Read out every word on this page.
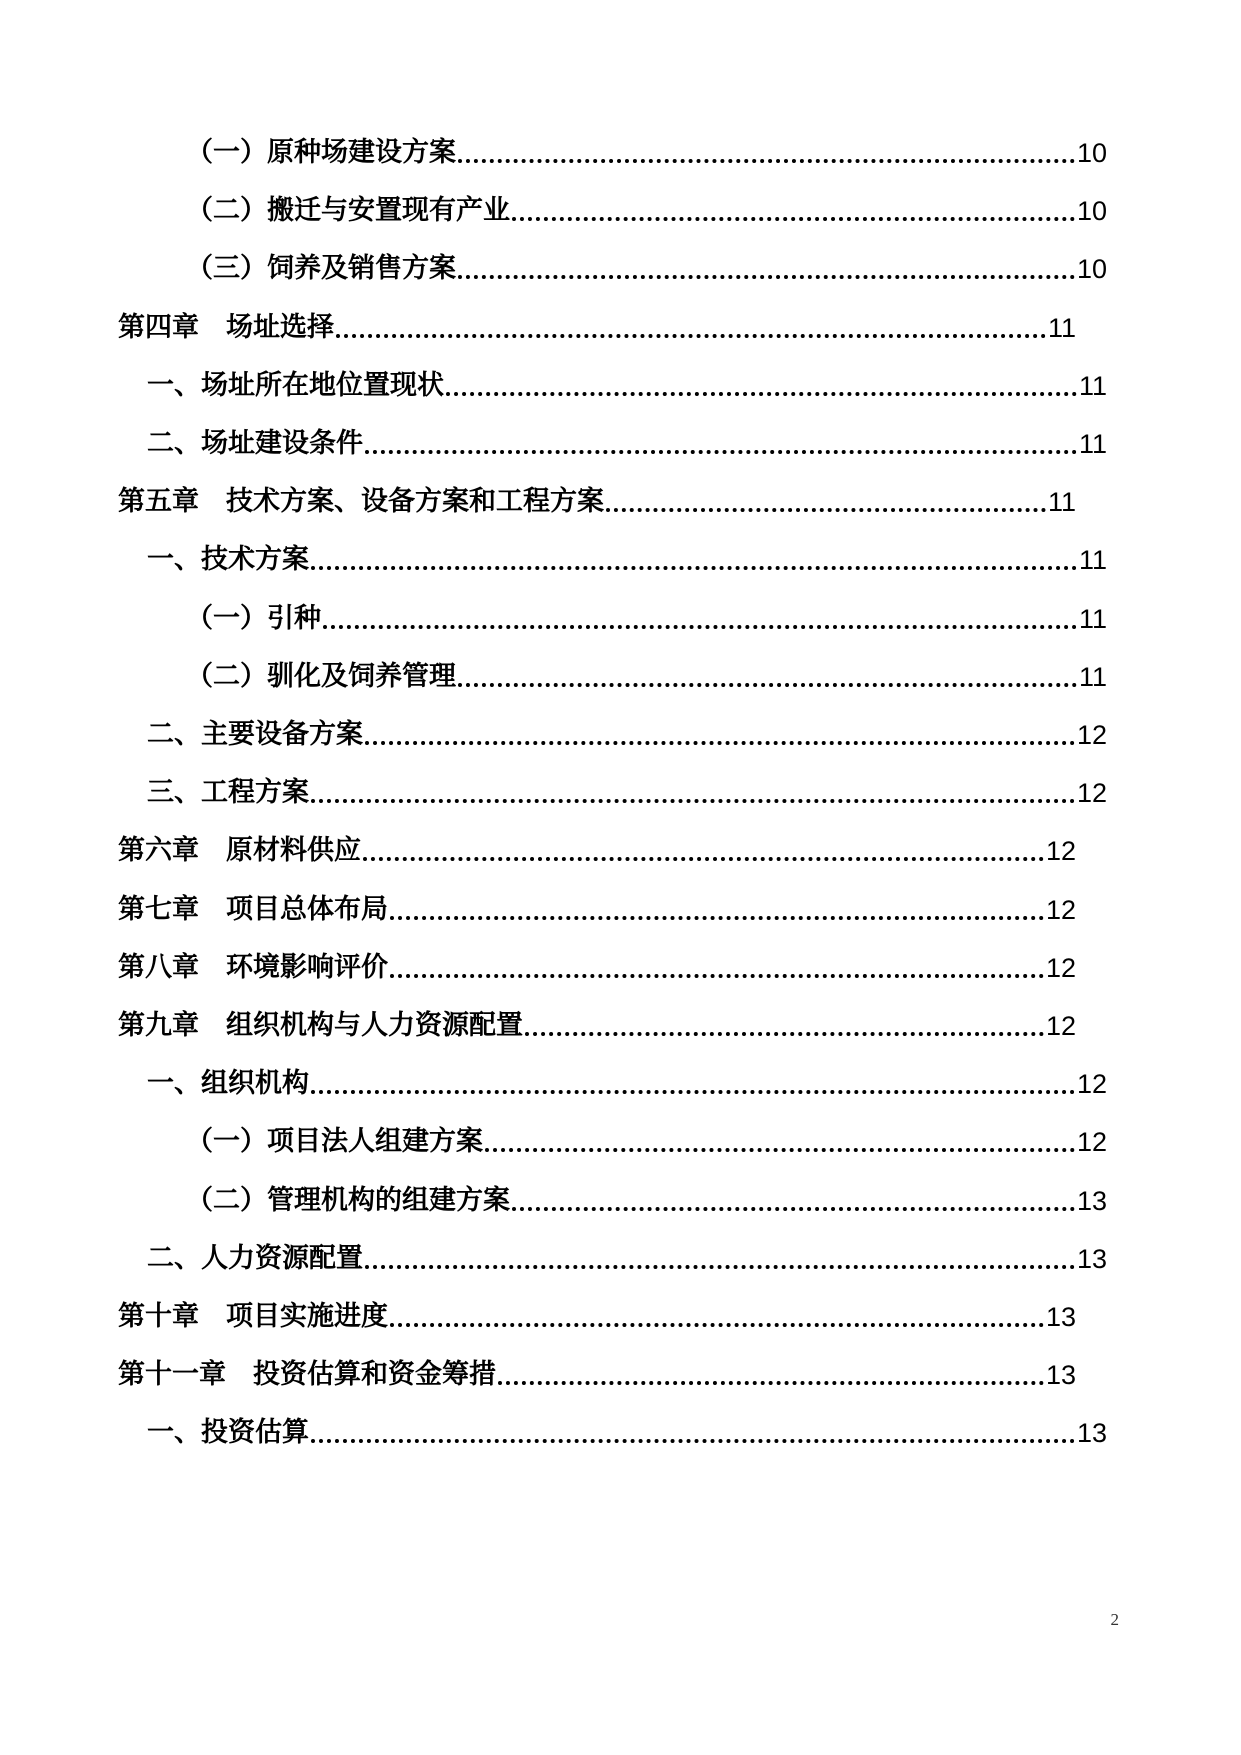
（一）原种场建设方案	10
（二）搬迁与安置现有产业	10
（三）饲养及销售方案	10
第四章　场址选择	11
一、场址所在地位置现状	11
二、场址建设条件	11
第五章　技术方案、设备方案和工程方案	11
一、技术方案	11
（一）引种	11
（二）驯化及饲养管理	11
二、主要设备方案	12
三、工程方案	12
第六章　原材料供应	12
第七章　项目总体布局	12
第八章　环境影响评价	12
第九章　组织机构与人力资源配置	12
一、组织机构	12
（一）项目法人组建方案	12
（二）管理机构的组建方案	13
二、人力资源配置	13
第十章　项目实施进度	13
第十一章　投资估算和资金筹措	13
一、投资估算	13
2
